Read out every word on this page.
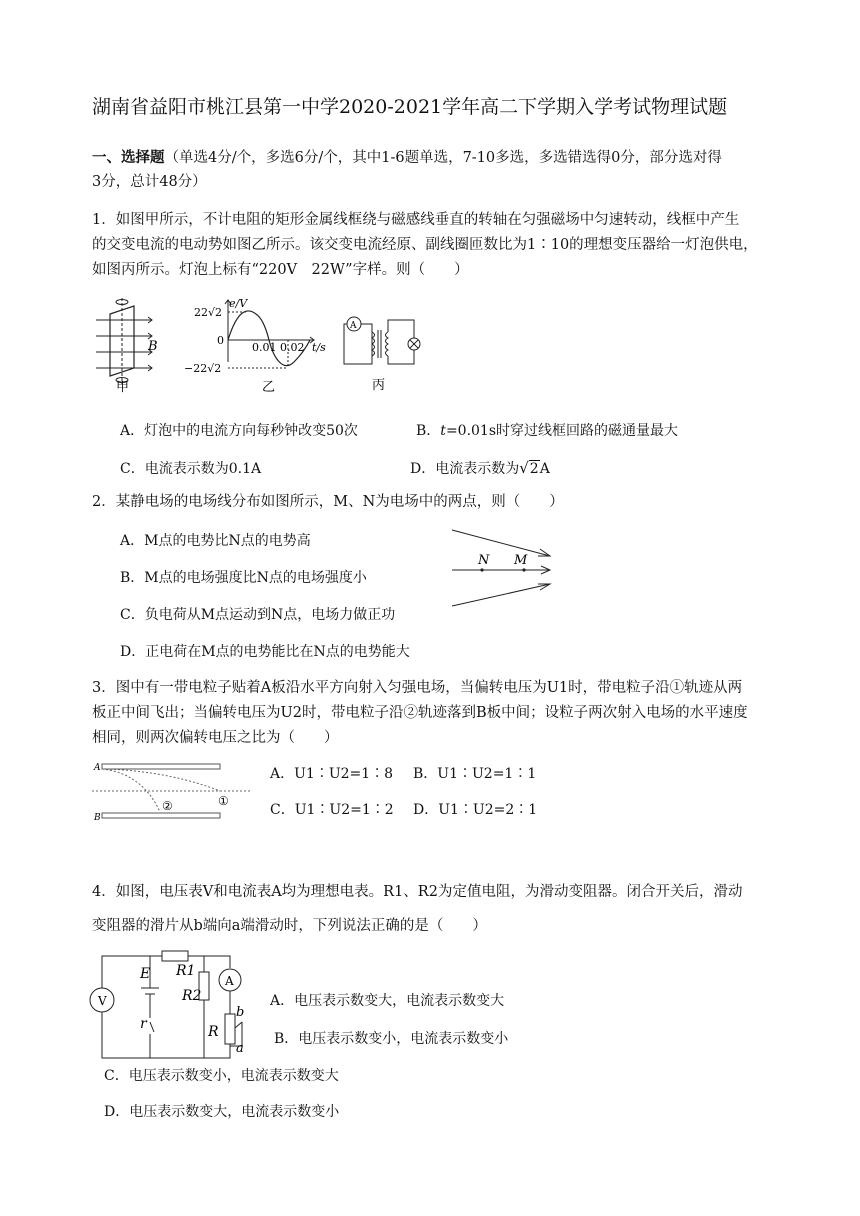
湖南省益阳市桃江县第一中学2020-2021学年高二下学期入学考试物理试题
一、选择题（单选4分/个，多选6分/个，其中1-6题单选，7-10多选，多选错选得0分，部分选对得
3分，总计48分）
1．如图甲所示，不计电阻的矩形金属线框绕与磁感线垂直的转轴在匀强磁场中匀速转动，线框中产生
的交变电流的电动势如图乙所示。该交变电流经原、副线圈匝数比为1∶10的理想变压器给一灯泡供电，
如图丙所示。灯泡上标有“220V　22W”字样。则（　　）
B
甲
e/V
22√2
0
−22√2
0.01 0.02 t/s
乙
A
丙
A．灯泡中的电流方向每秒钟改变50次	B．t=0.01s时穿过线框回路的磁通量最大
C．电流表示数为0.1A	D．电流表示数为√2A
2．某静电场的电场线分布如图所示，M、N为电场中的两点，则（　　）
A．M点的电势比N点的电势高
B．M点的电场强度比N点的电场强度小
C．负电荷从M点运动到N点，电场力做正功
D．正电荷在M点的电势能比在N点的电势能大
N M
3．图中有一带电粒子贴着A板沿水平方向射入匀强电场，当偏转电压为U1时，带电粒子沿①轨迹从两
板正中间飞出；当偏转电压为U2时，带电粒子沿②轨迹落到B板中间；设粒子两次射入电场的水平速度
相同，则两次偏转电压之比为（　　）
A
B
①
②
A．U1∶U2=1∶8 B．U1∶U2=1∶1
C．U1∶U2=1∶2 D．U1∶U2=2∶1
4．如图，电压表V和电流表A均为理想电表。R1、R2为定值电阻，为滑动变阻器。闭合开关后，滑动
变阻器的滑片从b端向a端滑动时，下列说法正确的是（　　）
V
A
E
r
R1
R2
R
b
a
A．电压表示数变大，电流表示数变大
B．电压表示数变小，电流表示数变小
C．电压表示数变小，电流表示数变大
D．电压表示数变大，电流表示数变小
